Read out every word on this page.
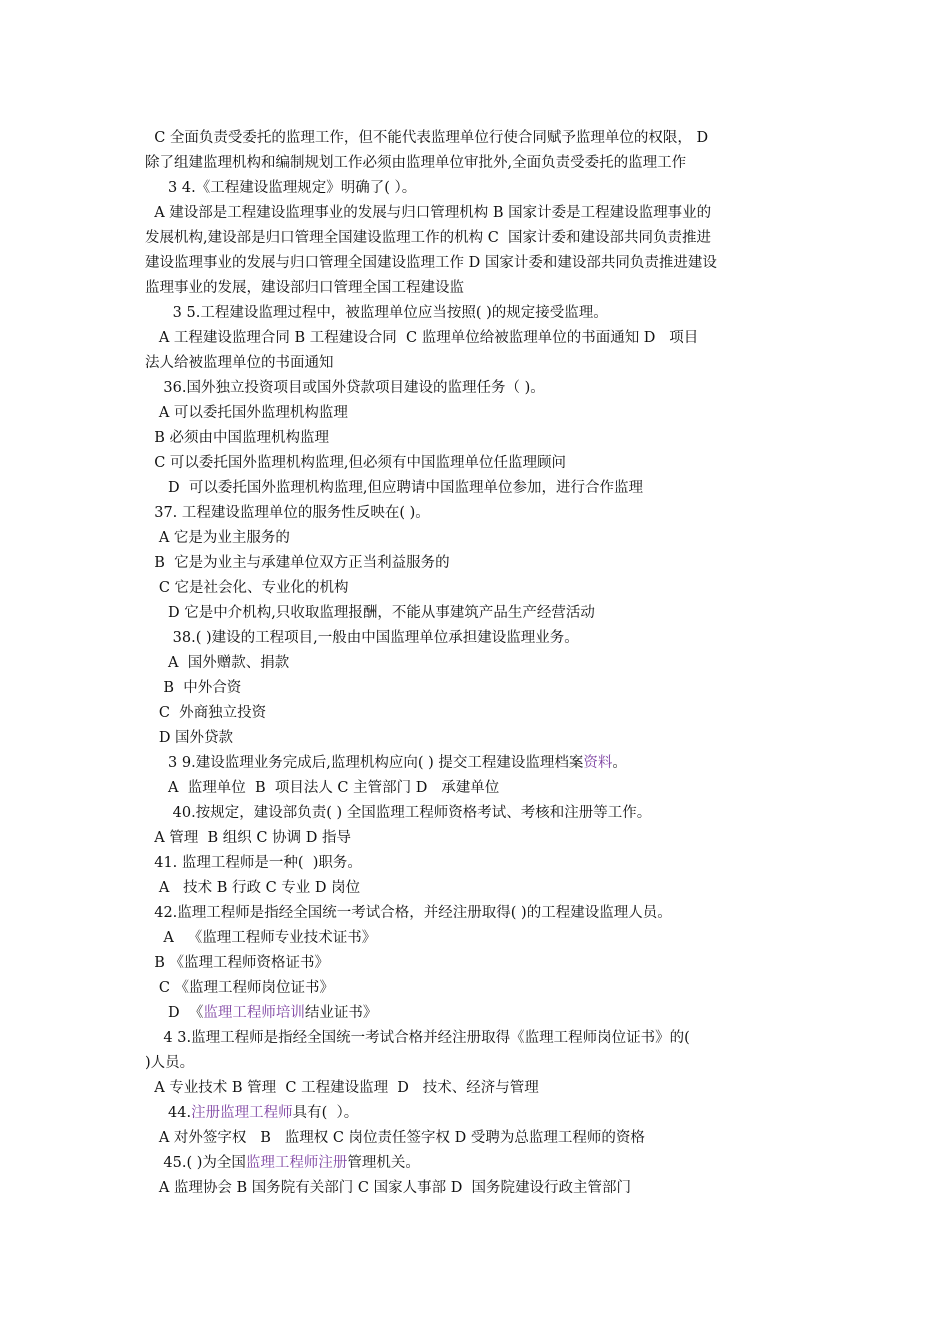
C 全面负责受委托的监理工作，但不能代表监理单位行使合同赋予监理单位的权限， D

除了组建监理机构和编制规划工作必须由监理单位审批外,全面负责受委托的监理工作

3 4.《工程建设监理规定》明确了( ）。

A 建设部是工程建设监理事业的发展与归口管理机构 B 国家计委是工程建设监理事业的

发展机构,建设部是归口管理全国建设监理工作的机构 C  国家计委和建设部共同负责推进

建设监理事业的发展与归口管理全国建设监理工作 D 国家计委和建设部共同负责推进建设

监理事业的发展，建设部归口管理全国工程建设监

3 5.工程建设监理过程中，被监理单位应当按照( )的规定接受监理。

A 工程建设监理合同 B 工程建设合同  C 监理单位给被监理单位的书面通知 D   项目

法人给被监理单位的书面通知

36.国外独立投资项目或国外贷款项目建设的监理任务（ )。

A 可以委托国外监理机构监理

B 必须由中国监理机构监理

C 可以委托国外监理机构监理,但必须有中国监理单位任监理顾问

D  可以委托国外监理机构监理,但应聘请中国监理单位参加，进行合作监理

37. 工程建设监理单位的服务性反映在( )。

A 它是为业主服务的

B  它是为业主与承建单位双方正当利益服务的

C 它是社会化、专业化的机构

D 它是中介机构,只收取监理报酬，不能从事建筑产品生产经营活动

38.( )建设的工程项目,一般由中国监理单位承担建设监理业务。

A  国外赠款、捐款

B  中外合资

C  外商独立投资

D 国外贷款

3 9.建设监理业务完成后,监理机构应向( ) 提交工程建设监理档案资料。

A  监理单位  B  项目法人 C 主管部门 D   承建单位

40.按规定，建设部负责( ) 全国监理工程师资格考试、考核和注册等工作。

A 管理  B 组织 C 协调 D 指导

41. 监理工程师是一种(  )职务。

A   技术 B 行政 C 专业 D 岗位

42.监理工程师是指经全国统一考试合格，并经注册取得( )的工程建设监理人员。

A   《监理工程师专业技术证书》

B 《监理工程师资格证书》

C 《监理工程师岗位证书》

D  《监理工程师培训结业证书》

4 3.监理工程师是指经全国统一考试合格并经注册取得《监理工程师岗位证书》的(

)人员。

A 专业技术 B 管理  C 工程建设监理  D   技术、经济与管理

44.注册监理工程师具有(  ）。

A 对外签字权   B   监理权 C 岗位责任签字权 D 受聘为总监理工程师的资格

45.( )为全国监理工程师注册管理机关。

A 监理协会 B 国务院有关部门 C 国家人事部 D  国务院建设行政主管部门
